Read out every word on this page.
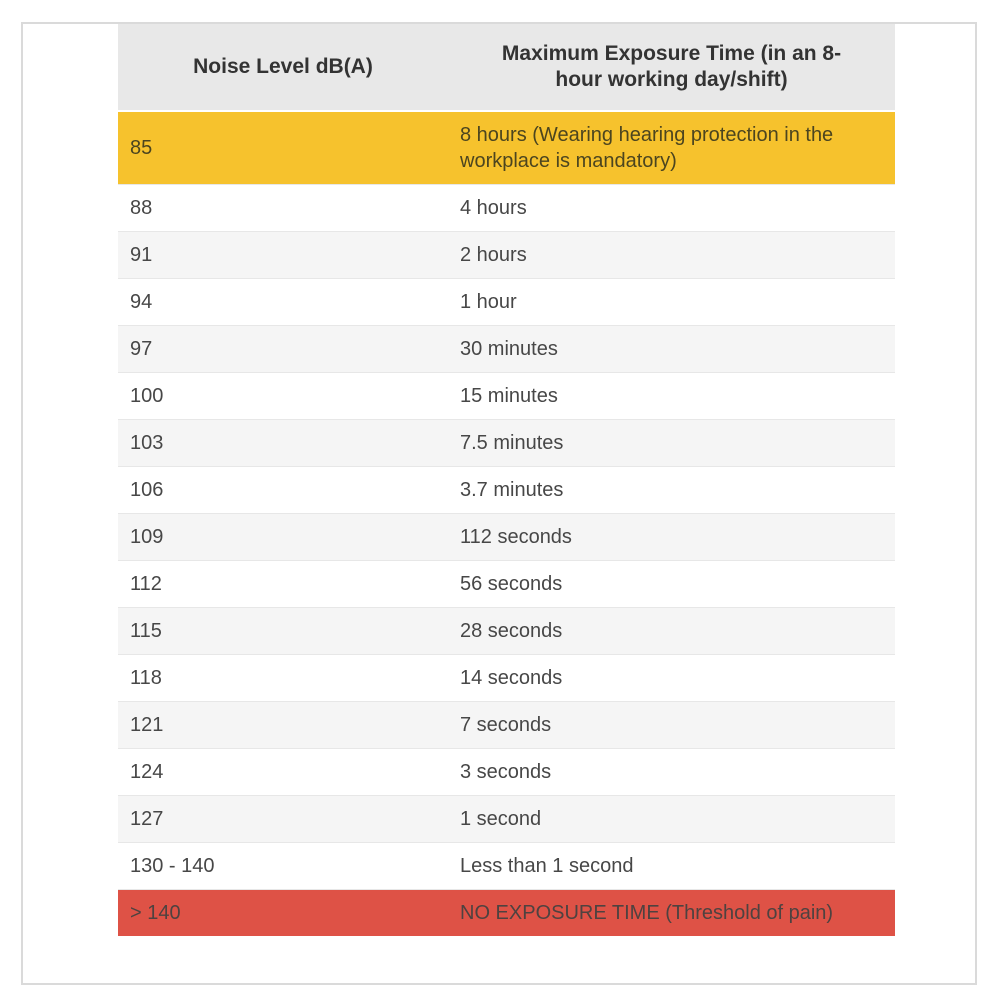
Noise Level dB(A)	Maximum Exposure Time (in an 8-hour working day/shift)
85	8 hours (Wearing hearing protection in the workplace is mandatory)
88	4 hours
91	2 hours
94	1 hour
97	30 minutes
100	15 minutes
103	7.5 minutes
106	3.7 minutes
109	112 seconds
112	56 seconds
115	28 seconds
118	14 seconds
121	7 seconds
124	3 seconds
127	1 second
130 - 140	Less than 1 second
> 140	NO EXPOSURE TIME (Threshold of pain)
